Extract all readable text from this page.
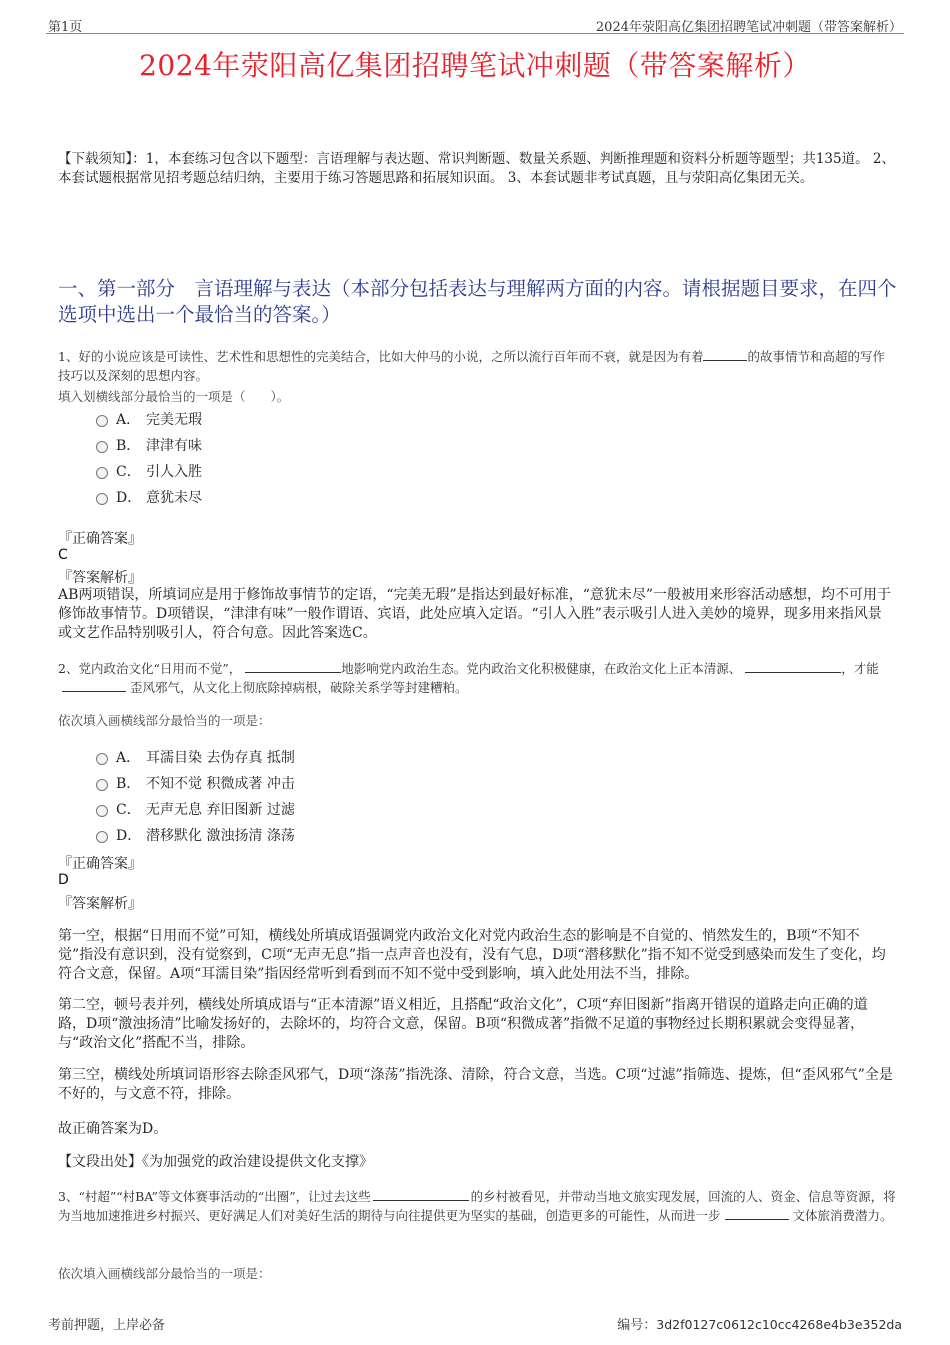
第1页	2024年荥阳高亿集团招聘笔试冲刺题（带答案解析）
2024年荥阳高亿集团招聘笔试冲刺题（带答案解析）
【下载须知】：1，本套练习包含以下题型：言语理解与表达题、常识判断题、数量关系题、判断推理题和资料分析题等题型；共135道。 2、本套试题根据常见招考题总结归纳，主要用于练习答题思路和拓展知识面。 3、本套试题非考试真题，且与荥阳高亿集团无关。
一、第一部分　言语理解与表达（本部分包括表达与理解两方面的内容。请根据题目要求，在四个选项中选出一个最恰当的答案。）
1、好的小说应该是可读性、艺术性和思想性的完美结合，比如大仲马的小说，之所以流行百年而不衰，就是因为有着	的故事情节和高超的写作技巧以及深刻的思想内容。
填入划横线部分最恰当的一项是（　　）。
A． 完美无瑕
B． 津津有味
C． 引人入胜
D． 意犹未尽
『正确答案』
C
『答案解析』
AB两项错误，所填词应是用于修饰故事情节的定语，“完美无瑕”是指达到最好标准，“意犹未尽”一般被用来形容活动感想，均不可用于修饰故事情节。D项错误，“津津有味”一般作谓语、宾语，此处应填入定语。“引人入胜”表示吸引人进入美妙的境界，现多用来指风景或文艺作品特别吸引人，符合句意。因此答案选C。
2、党内政治文化“日用而不觉”，	地影响党内政治生态。党内政治文化积极健康，在政治文化上正本清源、	，才能歪风邪气，从文化上彻底除掉病根，破除关系学等封建糟粕。
依次填入画横线部分最恰当的一项是：
A． 耳濡目染 去伪存真 抵制
B． 不知不觉 积微成著 冲击
C． 无声无息 弃旧图新 过滤
D． 潜移默化 激浊扬清 涤荡
『正确答案』
D
『答案解析』
第一空，根据“日用而不觉”可知，横线处所填成语强调党内政治文化对党内政治生态的影响是不自觉的、悄然发生的，B项“不知不觉”指没有意识到，没有觉察到，C项“无声无息”指一点声音也没有，没有气息，D项“潜移默化”指不知不觉受到感染而发生了变化，均符合文意，保留。A项“耳濡目染”指因经常听到看到而不知不觉中受到影响，填入此处用法不当，排除。
第二空，顿号表并列，横线处所填成语与“正本清源”语义相近，且搭配“政治文化”，C项“弃旧图新”指离开错误的道路走向正确的道路，D项“激浊扬清”比喻发扬好的，去除坏的，均符合文意，保留。B项“积微成著”指微不足道的事物经过长期积累就会变得显著，与“政治文化”搭配不当，排除。
第三空，横线处所填词语形容去除歪风邪气，D项“涤荡”指洗涤、清除，符合文意，当选。C项“过滤”指筛选、提炼，但“歪风邪气”全是不好的，与文意不符，排除。
故正确答案为D。
【文段出处】《为加强党的政治建设提供文化支撑》
3、“村超”“村BA”等文体赛事活动的“出圈”，让过去这些	的乡村被看见，并带动当地文旅实现发展，回流的人、资金、信息等资源，将为当地加速推进乡村振兴、更好满足人们对美好生活的期待与向往提供更为坚实的基础，创造更多的可能性，从而进一步	文体旅消费潜力。
依次填入画横线部分最恰当的一项是：
考前押题，上岸必备	编号：3d2f0127c0612c10cc4268e4b3e352da
